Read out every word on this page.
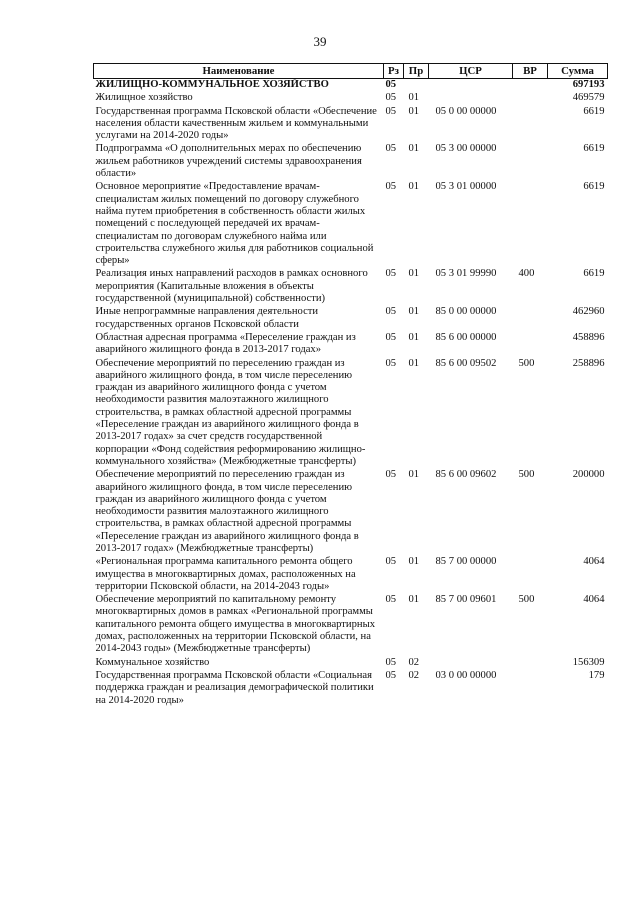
39
Наименование	Рз	Пр	ЦСР	ВР	Сумма
ЖИЛИЩНО-КОММУНАЛЬНОЕ ХОЗЯЙСТВО	05				697193
Жилищное хозяйство	05	01			469579
Государственная программа Псковской области «Обеспечение населения области качественным жильем и коммунальными услугами на 2014-2020 годы»	05	01	05 0 00 00000		6619
Подпрограмма «О дополнительных мерах по обеспечению жильем работников учреждений системы здравоохранения области»	05	01	05 3 00 00000		6619
Основное мероприятие «Предоставление врачам-специалистам жилых помещений по договору служебного найма путем приобретения в собственность области жилых помещений с последующей передачей их врачам-специалистам по договорам служебного найма или строительства служебного жилья для работников социальной сферы»	05	01	05 3 01 00000		6619
Реализация иных направлений расходов в рамках основного мероприятия (Капитальные вложения в объекты государственной (муниципальной) собственности)	05	01	05 3 01 99990	400	6619
Иные непрограммные направления деятельности государственных органов Псковской области	05	01	85 0 00 00000		462960
Областная адресная программа «Переселение граждан из аварийного жилищного фонда в 2013-2017 годах»	05	01	85 6 00 00000		458896
Обеспечение мероприятий по переселению граждан из аварийного жилищного фонда, в том числе переселению граждан из аварийного жилищного фонда с учетом необходимости развития малоэтажного жилищного строительства, в рамках областной адресной программы «Переселение граждан из аварийного жилищного фонда в 2013-2017 годах» за счет средств государственной корпорации «Фонд содействия реформированию жилищно-коммунального хозяйства» (Межбюджетные трансферты)	05	01	85 6 00 09502	500	258896
Обеспечение мероприятий по переселению граждан из аварийного жилищного фонда, в том числе переселению граждан из аварийного жилищного фонда с учетом необходимости развития малоэтажного жилищного строительства, в рамках областной адресной программы «Переселение граждан из аварийного жилищного фонда в 2013-2017 годах» (Межбюджетные трансферты)	05	01	85 6 00 09602	500	200000
«Региональная программа капитального ремонта общего имущества в многоквартирных домах, расположенных на территории Псковской области, на 2014-2043 годы»	05	01	85 7 00 00000		4064
Обеспечение мероприятий по капитальному ремонту многоквартирных домов в рамках «Региональной программы капитального ремонта общего имущества в многоквартирных домах, расположенных на территории Псковской области, на 2014-2043 годы» (Межбюджетные трансферты)	05	01	85 7 00 09601	500	4064
Коммунальное хозяйство	05	02			156309
Государственная программа Псковской области «Социальная поддержка граждан и реализация демографической политики на 2014-2020 годы»	05	02	03 0 00 00000		179
